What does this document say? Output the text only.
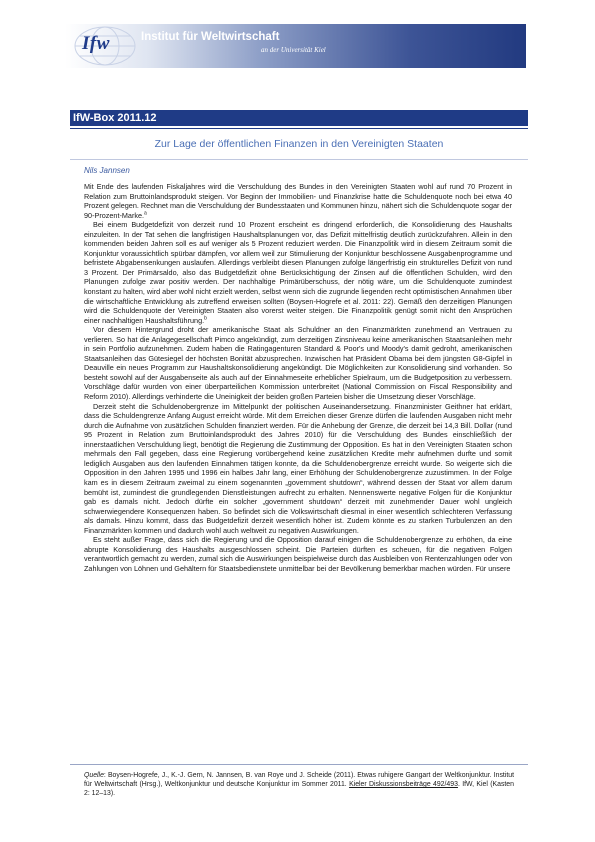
Ifw	Institut für Weltwirtschaft
an der Universität Kiel
IfW-Box 2011.12
Zur Lage der öffentlichen Finanzen in den Vereinigten Staaten
Nils Jannsen

Mit Ende des laufenden Fiskaljahres wird die Verschuldung des Bundes in den Vereinigten Staaten wohl auf rund 70 Prozent in Relation zum Bruttoinlandsprodukt steigen. Vor Beginn der Immobilien- und Finanzkrise hatte die Schuldenquote noch bei etwa 40 Prozent gelegen. Rechnet man die Verschuldung der Bundesstaaten und Kommunen hinzu, nähert sich die Schuldenquote sogar der 90-Prozent-Marke.$^a$

Bei einem Budgetdefizit von derzeit rund 10 Prozent erscheint es dringend erforderlich, die Konsolidierung des Haushalts einzuleiten. In der Tat sehen die langfristigen Haushaltsplanungen vor, das Defizit mittelfristig deutlich zurückzufahren. Allein in den kommenden beiden Jahren soll es auf weniger als 5 Prozent reduziert werden. Die Finanzpolitik wird in diesem Zeitraum somit die Konjunktur voraussichtlich spürbar dämpfen, vor allem weil zur Stimulierung der Konjunktur beschlossene Ausgabenprogramme und befristete Abgabensenkungen auslaufen. Allerdings verbleibt diesen Planungen zufolge längerfristig ein strukturelles Defizit von rund 3 Prozent. Der Primärsaldo, also das Budgetdefizit ohne Berücksichtigung der Zinsen auf die öffentlichen Schulden, wird den Planungen zufolge zwar positiv werden. Der nachhaltige Primärüberschuss, der nötig wäre, um die Schuldenquote zumindest konstant zu halten, wird aber wohl nicht erzielt werden, selbst wenn sich die zugrunde liegenden recht optimistischen Annahmen über die wirtschaftliche Entwicklung als zutreffend erweisen sollten (Boysen-Hogrefe et al. 2011: 22). Gemäß den derzeitigen Planungen wird die Schuldenquote der Vereinigten Staaten also vorerst weiter steigen. Die Finanzpolitik genügt somit nicht den Ansprüchen einer nachhaltigen Haushaltsführung.$^b$

Vor diesem Hintergrund droht der amerikanische Staat als Schuldner an den Finanzmärkten zunehmend an Vertrauen zu verlieren. So hat die Anlagegesellschaft Pimco angekündigt, zum derzeitigen Zinsniveau keine amerikanischen Staatsanleihen mehr in sein Portfolio aufzunehmen. Zudem haben die Ratingagenturen Standard & Poor's und Moody's damit gedroht, amerikanischen Staatsanleihen das Gütesiegel der höchsten Bonität abzusprechen. Inzwischen hat Präsident Obama bei dem jüngsten G8-Gipfel in Deauville ein neues Programm zur Haushaltskonsolidierung angekündigt. Die Möglichkeiten zur Konsolidierung sind vorhanden. So besteht sowohl auf der Ausgabenseite als auch auf der Einnahmeseite erheblicher Spielraum, um die Budgetposition zu verbessern. Vorschläge dafür wurden von einer überparteilichen Kommission unterbreitet (National Commission on Fiscal Responsibility and Reform 2010). Allerdings verhinderte die Uneinigkeit der beiden großen Parteien bisher die Umsetzung dieser Vorschläge.

Derzeit steht die Schuldenobergrenze im Mittelpunkt der politischen Auseinandersetzung. Finanzminister Geithner hat erklärt, dass die Schuldengrenze Anfang August erreicht würde. Mit dem Erreichen dieser Grenze dürfen die laufenden Ausgaben nicht mehr durch die Aufnahme von zusätzlichen Schulden finanziert werden. Für die Anhebung der Grenze, die derzeit bei 14,3 Bill. Dollar (rund 95 Prozent in Relation zum Bruttoinlandsprodukt des Jahres 2010) für die Verschuldung des Bundes einschließlich der innerstaatlichen Verschuldung liegt, benötigt die Regierung die Zustimmung der Opposition. Es hat in den Vereinigten Staaten schon mehrmals den Fall gegeben, dass eine Regierung vorübergehend keine zusätzlichen Kredite mehr aufnehmen durfte und somit lediglich Ausgaben aus den laufenden Einnahmen tätigen konnte, da die Schuldenobergrenze erreicht wurde. So weigerte sich die Opposition in den Jahren 1995 und 1996 ein halbes Jahr lang, einer Erhöhung der Schuldenobergrenze zuzustimmen. In der Folge kam es in diesem Zeitraum zweimal zu einem sogenannten „government shutdown“, während dessen der Staat vor allem darum bemüht ist, zumindest die grundlegenden Dienstleistungen aufrecht zu erhalten. Nennenswerte negative Folgen für die Konjunktur gab es damals nicht. Jedoch dürfte ein solcher „government shutdown“ derzeit mit zunehmender Dauer wohl ungleich schwerwiegendere Konsequenzen haben. So befindet sich die Volkswirtschaft diesmal in einer wesentlich schlechteren Verfassung als damals. Hinzu kommt, dass das Budgetdefizit derzeit wesentlich höher ist. Zudem könnte es zu starken Turbulenzen an den Finanzmärkten kommen und dadurch wohl auch weltweit zu negativen Auswirkungen.

Es steht außer Frage, dass sich die Regierung und die Opposition darauf einigen die Schuldenobergrenze zu erhöhen, da eine abrupte Konsolidierung des Haushalts ausgeschlossen scheint. Die Parteien dürften es scheuen, für die negativen Folgen verantwortlich gemacht zu werden, zumal sich die Auswirkungen beispielweise durch das Ausbleiben von Rentenzahlungen oder von Zahlungen von Löhnen und Gehältern für Staatsbedienstete unmittelbar bei der Bevölkerung bemerkbar machen würden. Für unsere

Quelle: Boysen-Hogrefe, J., K.-J. Gern, N. Jannsen, B. van Roye und J. Scheide (2011). Etwas ruhigere Gangart der Weltkonjunktur. Institut für Weltwirtschaft (Hrsg.), Weltkonjunktur und deutsche Konjunktur im Sommer 2011. Kieler Diskussionsbeiträge 492/493. IfW, Kiel (Kasten 2: 12–13).
